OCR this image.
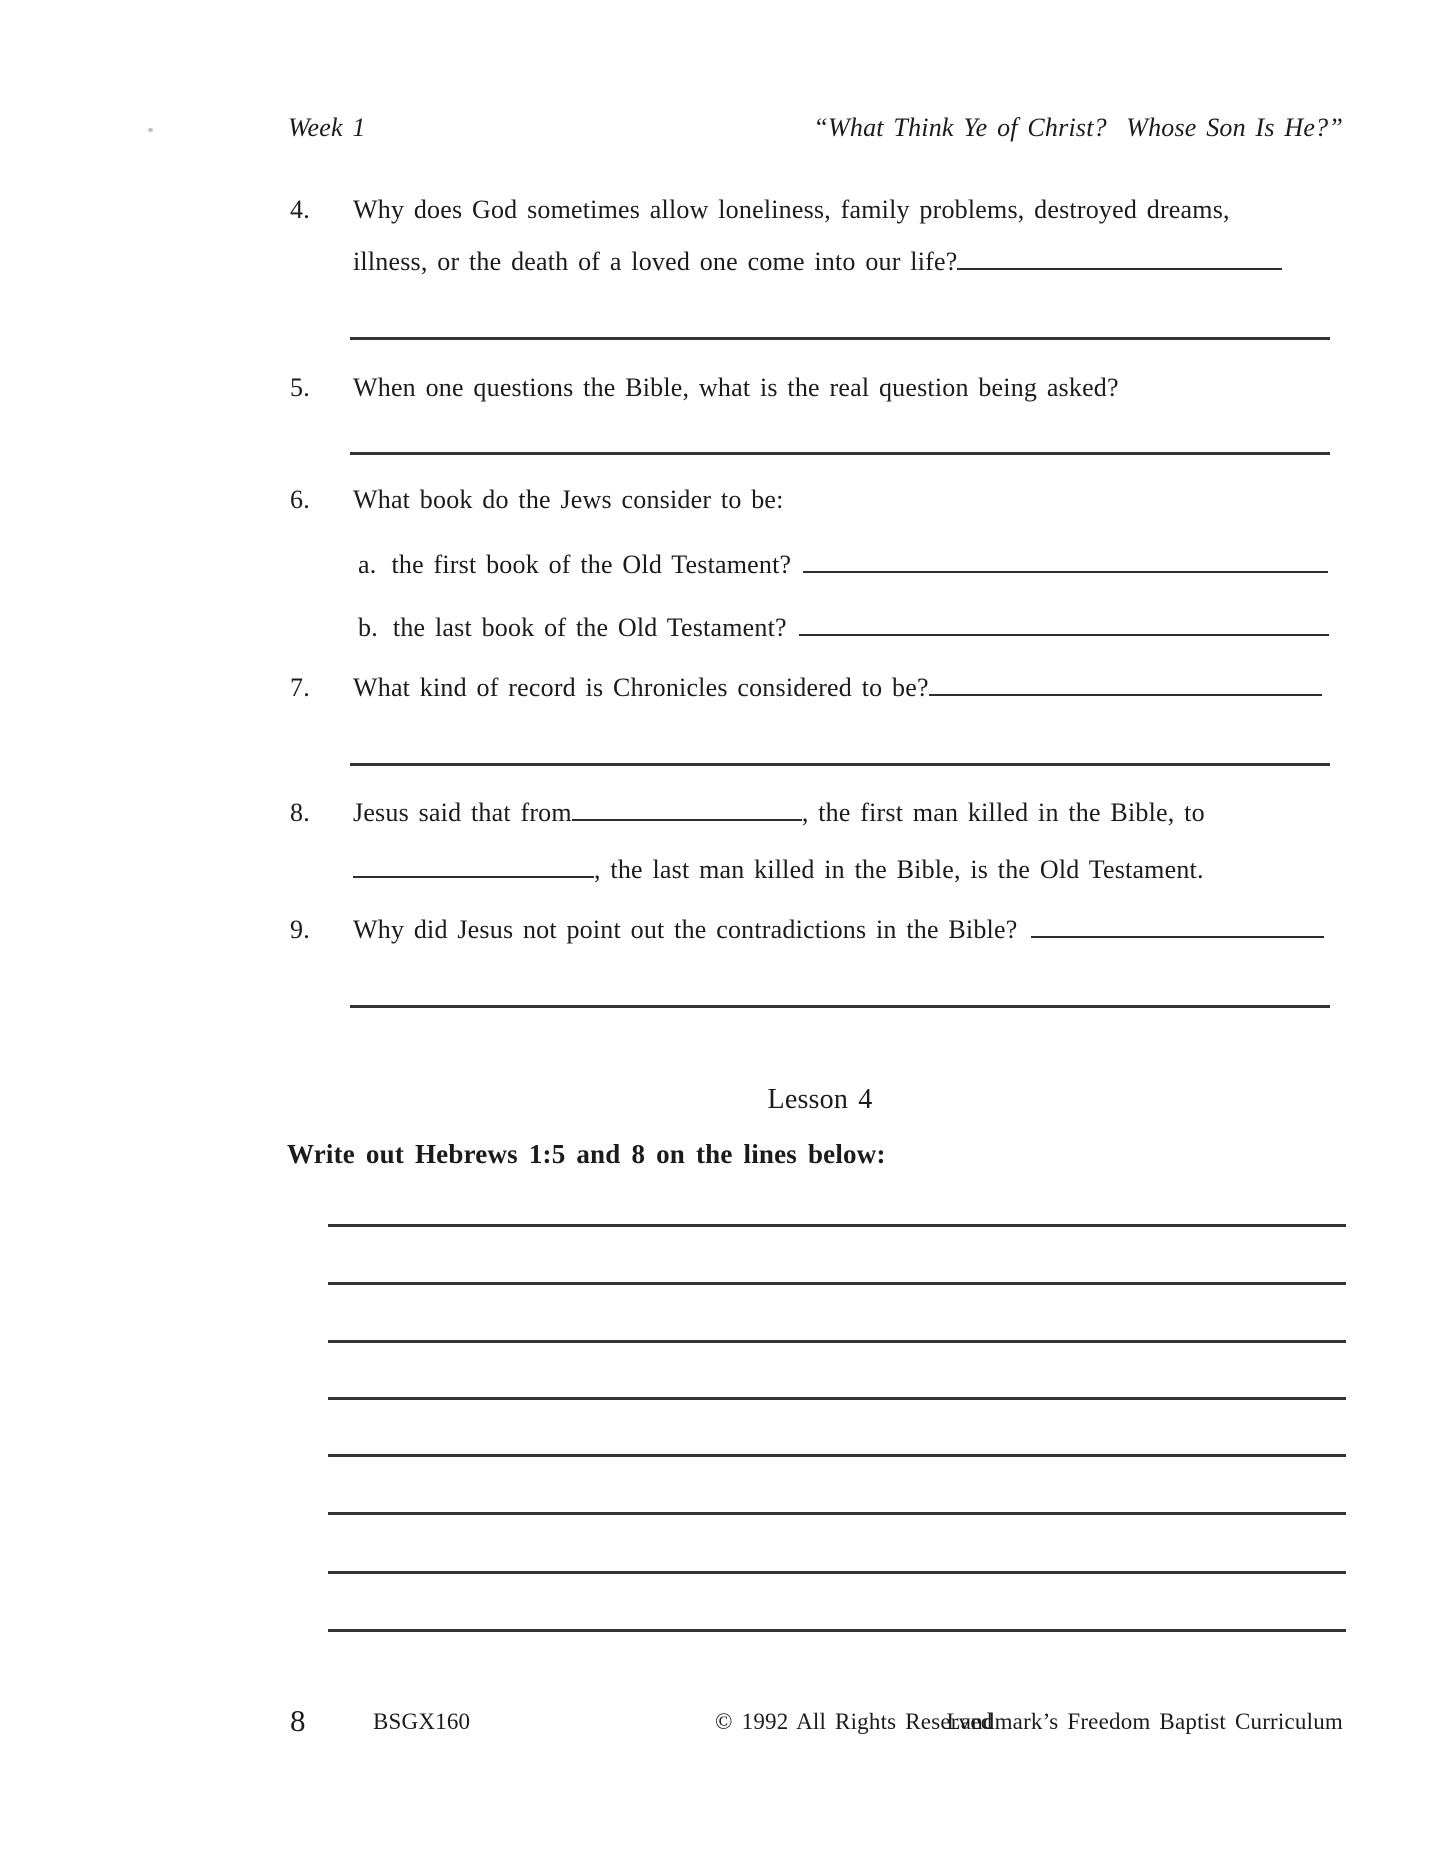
Week 1	“What Think Ye of Christ?  Whose Son Is He?”
4. Why does God sometimes allow loneliness, family problems, destroyed dreams,
illness, or the death of a loved one come into our life?
5. When one questions the Bible, what is the real question being asked?
6. What book do the Jews consider to be:
a. the first book of the Old Testament?
b. the last book of the Old Testament?
7. What kind of record is Chronicles considered to be?
8. Jesus said that from	, the first man killed in the Bible, to
, the last man killed in the Bible, is the Old Testament.
9. Why did Jesus not point out the contradictions in the Bible?
Lesson 4
Write out Hebrews 1:5 and 8 on the lines below:
8	BSGX160	© 1992 All Rights Reserved
Landmark’s Freedom Baptist Curriculum
